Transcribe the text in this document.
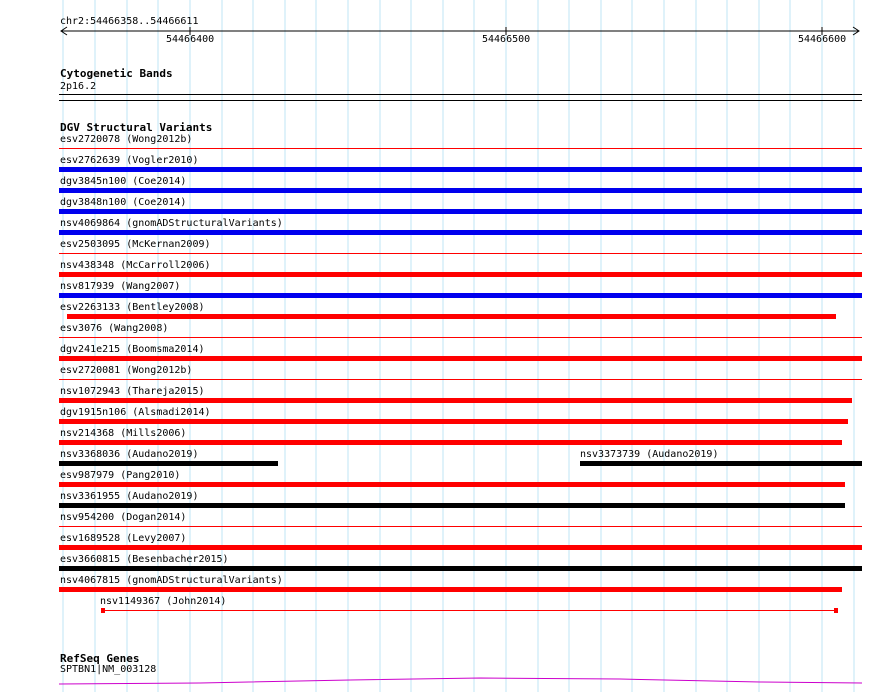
chr2:54466358..54466611
54466400	54466500	54466600
Cytogenetic Bands
2p16.2
DGV Structural Variants
esv2720078 (Wong2012b)
esv2762639 (Vogler2010)
dgv3845n100 (Coe2014)
dgv3848n100 (Coe2014)
nsv4069864 (gnomADStructuralVariants)
esv2503095 (McKernan2009)
nsv438348 (McCarroll2006)
nsv817939 (Wang2007)
esv2263133 (Bentley2008)
esv3076 (Wang2008)
dgv241e215 (Boomsma2014)
esv2720081 (Wong2012b)
nsv1072943 (Thareja2015)
dgv1915n106 (Alsmadi2014)
nsv214368 (Mills2006)
nsv3368036 (Audano2019)	nsv3373739 (Audano2019)
esv987979 (Pang2010)
nsv3361955 (Audano2019)
nsv954200 (Dogan2014)
esv1689528 (Levy2007)
esv3660815 (Besenbacher2015)
nsv4067815 (gnomADStructuralVariants)
nsv1149367 (John2014)
RefSeq Genes
SPTBN1|NM_003128
